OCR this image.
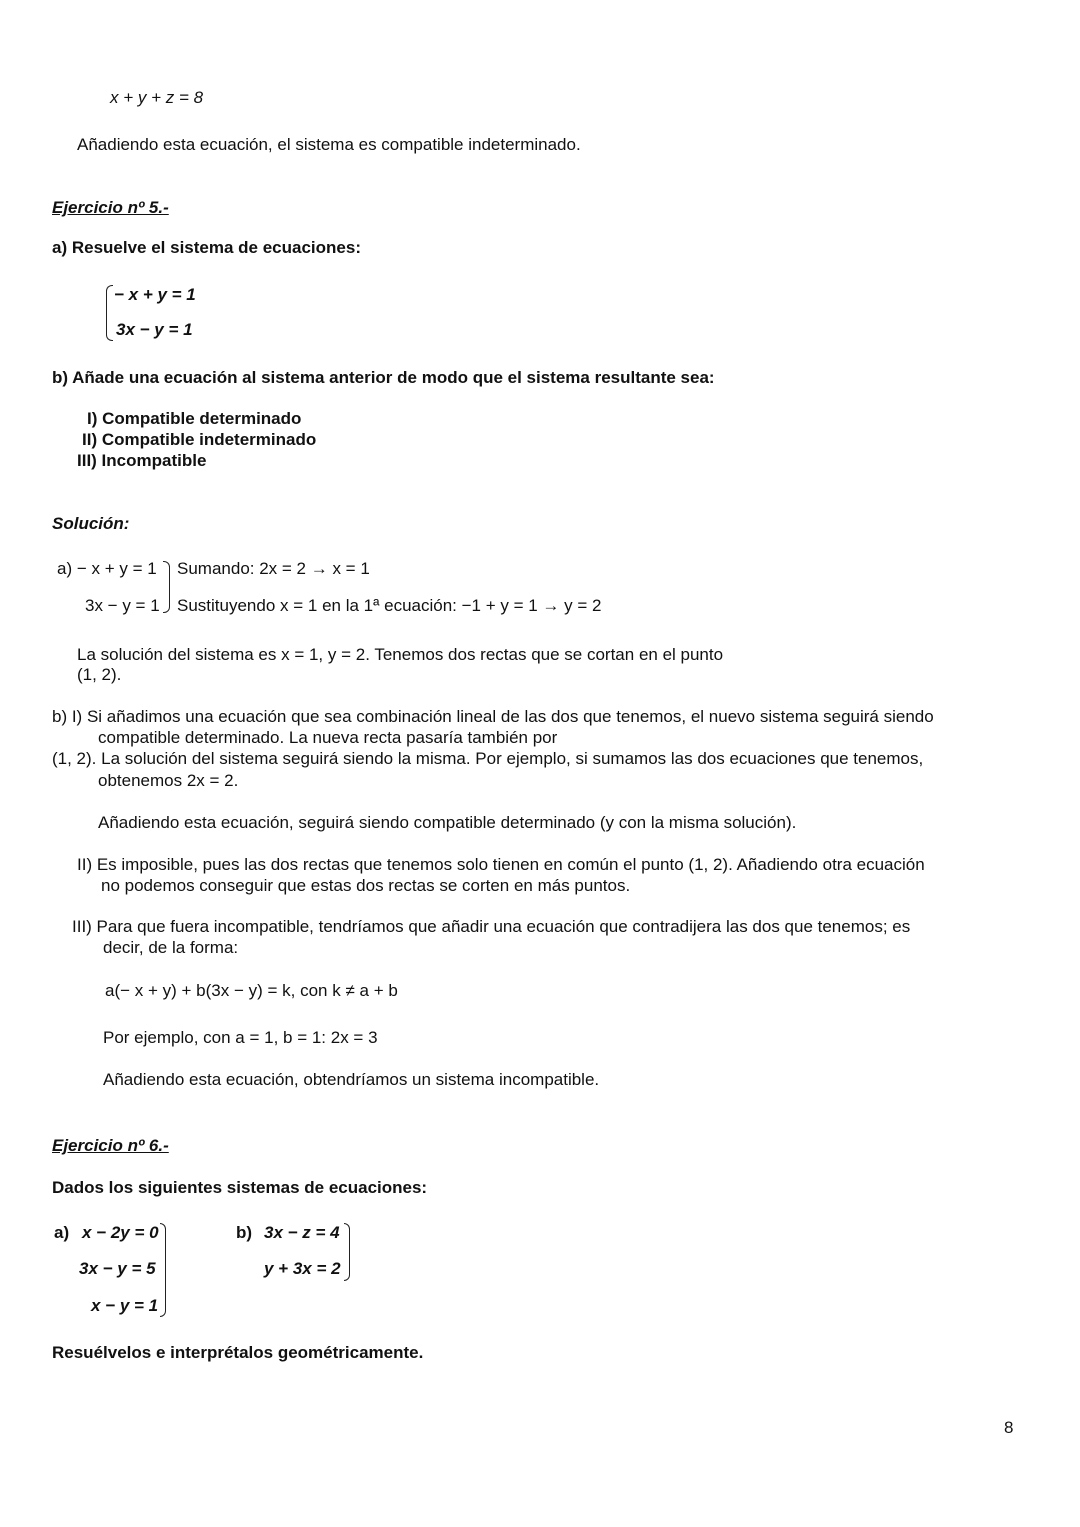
x + y + z = 8
Añadiendo esta ecuación, el sistema es compatible indeterminado.
Ejercicio nº 5.-
a) Resuelve el sistema de ecuaciones:
− x + y = 1
3x − y = 1
b) Añade una ecuación al sistema anterior de modo que el sistema resultante sea:
I) Compatible determinado
II) Compatible indeterminado
III) Incompatible
Solución:
a) − x + y = 1 Sumando: 2x = 2 → x = 1
3x − y = 1 Sustituyendo x = 1 en la 1ª ecuación: −1 + y = 1 → y = 2
La solución del sistema es x = 1, y = 2. Tenemos dos rectas que se cortan en el punto
(1, 2).
b) I) Si añadimos una ecuación que sea combinación lineal de las dos que tenemos, el nuevo sistema seguirá siendo
compatible determinado. La nueva recta pasaría también por
(1, 2). La solución del sistema seguirá siendo la misma. Por ejemplo, si sumamos las dos ecuaciones que tenemos,
obtenemos 2x = 2.
Añadiendo esta ecuación, seguirá siendo compatible determinado (y con la misma solución).
II) Es imposible, pues las dos rectas que tenemos solo tienen en común el punto (1, 2). Añadiendo otra ecuación
no podemos conseguir que estas dos rectas se corten en más puntos.
III) Para que fuera incompatible, tendríamos que añadir una ecuación que contradijera las dos que tenemos; es
decir, de la forma:
a(− x + y) + b(3x − y) = k, con k ≠ a + b
Por ejemplo, con a = 1, b = 1: 2x = 3
Añadiendo esta ecuación, obtendríamos un sistema incompatible.
Ejercicio nº 6.-
Dados los siguientes sistemas de ecuaciones:
a) x − 2y = 0
3x − y = 5
x − y = 1
b) 3x − z = 4
y + 3x = 2
Resuélvelos e interprétalos geométricamente.
8
